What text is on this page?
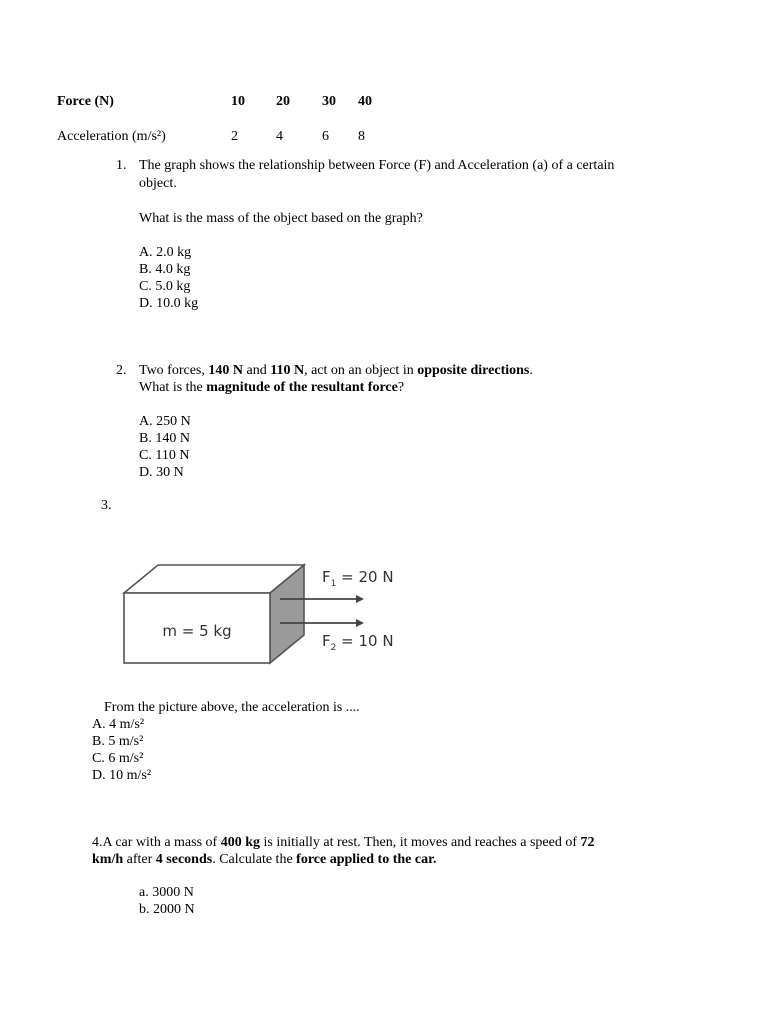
Force (N)	10 20 30 40
Acceleration (m/s²)	2	4	6 8
1. The graph shows the relationship between Force (F) and Acceleration (a) of a certain
object.
What is the mass of the object based on the graph?
A. 2.0 kg
B. 4.0 kg
C. 5.0 kg
D. 10.0 kg
2. Two forces, 140 N and 110 N, act on an object in opposite directions.
What is the magnitude of the resultant force?
A. 250 N
B. 140 N
C. 110 N
D. 30 N
3.
m = 5 kg
$F_1 = 20$ N
$F_2 = 10$ N
From the picture above, the acceleration is ....
A. 4 m/s²
B. 5 m/s²
C. 6 m/s²
D. 10 m/s²
4.A car with a mass of 400 kg is initially at rest. Then, it moves and reaches a speed of 72
km/h after 4 seconds. Calculate the force applied to the car.
a. 3000 N
b. 2000 N
